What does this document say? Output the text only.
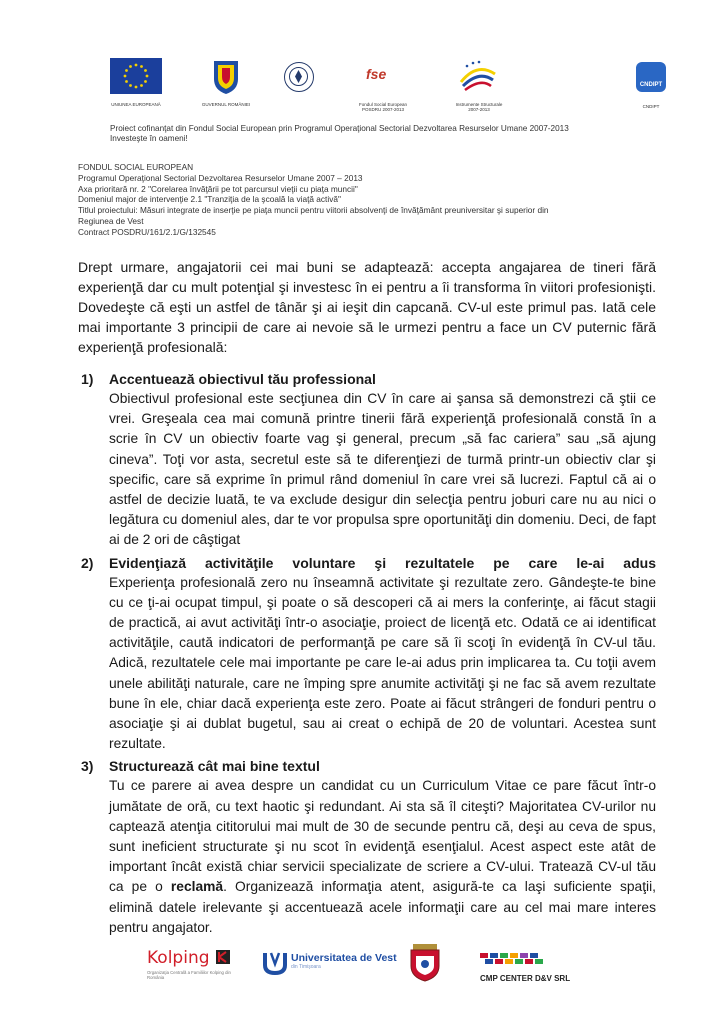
UNIUNEA EUROPEANĂ	GUVERNUL ROMÂNIEI
fse
Fondul Social European
POSDRU 2007-2013
Instrumente Structurale
2007-2013
CNDIPT
CNDIPT
Proiect cofinanţat din Fondul Social European prin Programul Operaţional Sectorial Dezvoltarea Resurselor Umane 2007-2013
Investeşte în oameni!
FONDUL SOCIAL EUROPEAN
Programul Operaţional Sectorial Dezvoltarea Resurselor Umane 2007 – 2013
Axa prioritară nr. 2 "Corelarea învăţării pe tot parcursul vieţii cu piaţa muncii"
Domeniul major de intervenţie 2.1 "Tranziţia de la şcoală la viaţă activă"
Titlul proiectului: Măsuri integrate de inserţie pe piaţa muncii pentru viitorii absolvenţi de învăţământ preuniversitar şi superior din
Regiunea de Vest
Contract POSDRU/161/2.1/G/132545

Drept urmare, angajatorii cei mai buni se adaptează: accepta angajarea de tineri fără experienţă dar cu mult potenţial şi investesc în ei pentru a îi transforma în viitori profesionişti. Dovedeşte că eşti un astfel de tânăr şi ai ieşit din capcană. CV-ul este primul pas. Iată cele mai importante 3 principii de care ai nevoie să le urmezi pentru a face un CV puternic fără experienţă profesională:

1) Accentuează obiectivul tău professional

Obiectivul profesional este secţiunea din CV în care ai şansa să demonstrezi că ştii ce vrei. Greşeala cea mai comună printre tinerii fără experienţă profesională constă în a scrie în CV un obiectiv foarte vag şi general, precum „să fac cariera” sau „să ajung cineva”. Toţi vor asta, secretul este să te diferenţiezi de turmă printr-un obiectiv clar şi specific, care să exprime în primul rând domeniul în care vrei să lucrezi. Faptul că ai o astfel de decizie luată, te va exclude desigur din selecţia pentru joburi care nu au nici o legătura cu domeniul ales, dar te vor propulsa spre oportunităţi din domeniu. Deci, de fapt ai de 2 ori de câştigat

2) Evidenţiază activităţile voluntare şi rezultatele pe care le-ai adus

Experienţa profesională zero nu înseamnă activitate şi rezultate zero. Gândeşte-te bine cu ce ţi-ai ocupat timpul, şi poate o să descoperi că ai mers la conferinţe, ai făcut stagii de practică, ai avut activităţi într-o asociaţie, proiect de licenţă etc. Odată ce ai identificat activităţile, caută indicatori de performanţă pe care să îi scoţi în evidenţă în CV-ul tău. Adică, rezultatele cele mai importante pe care le-ai adus prin implicarea ta. Cu toţii avem unele abilităţi naturale, care ne împing spre anumite activităţi şi ne fac să avem rezultate bune în ele, chiar dacă experienţa este zero. Poate ai făcut strângeri de fonduri pentru o asociaţie şi ai dublat bugetul, sau ai creat o echipă de 20 de voluntari. Acestea sunt rezultate.

3) Structurează cât mai bine textul

Tu ce parere ai avea despre un candidat cu un Curriculum Vitae ce pare făcut într-o jumătate de oră, cu text haotic şi redundant. Ai sta să îl citeşti? Majoritatea CV-urilor nu captează atenţia cititorului mai mult de 30 de secunde pentru că, deşi au ceva de spus, sunt ineficient structurate şi nu scot în evidenţă esenţialul. Acest aspect este atât de important încât există chiar servicii specializate de scriere a CV-ului. Tratează CV-ul tău ca pe o reclamă. Organizează informaţia atent, asigură-te ca laşi suficiente spaţii, elimină datele irelevante şi accentuează acele informaţii care au cel mai mare interes pentru angajator.

Kolping
Organizaţia Centrală a Familiilor Kolping din România
Universitatea de Vest
din Timişoara
CMP CENTER D&V SRL
